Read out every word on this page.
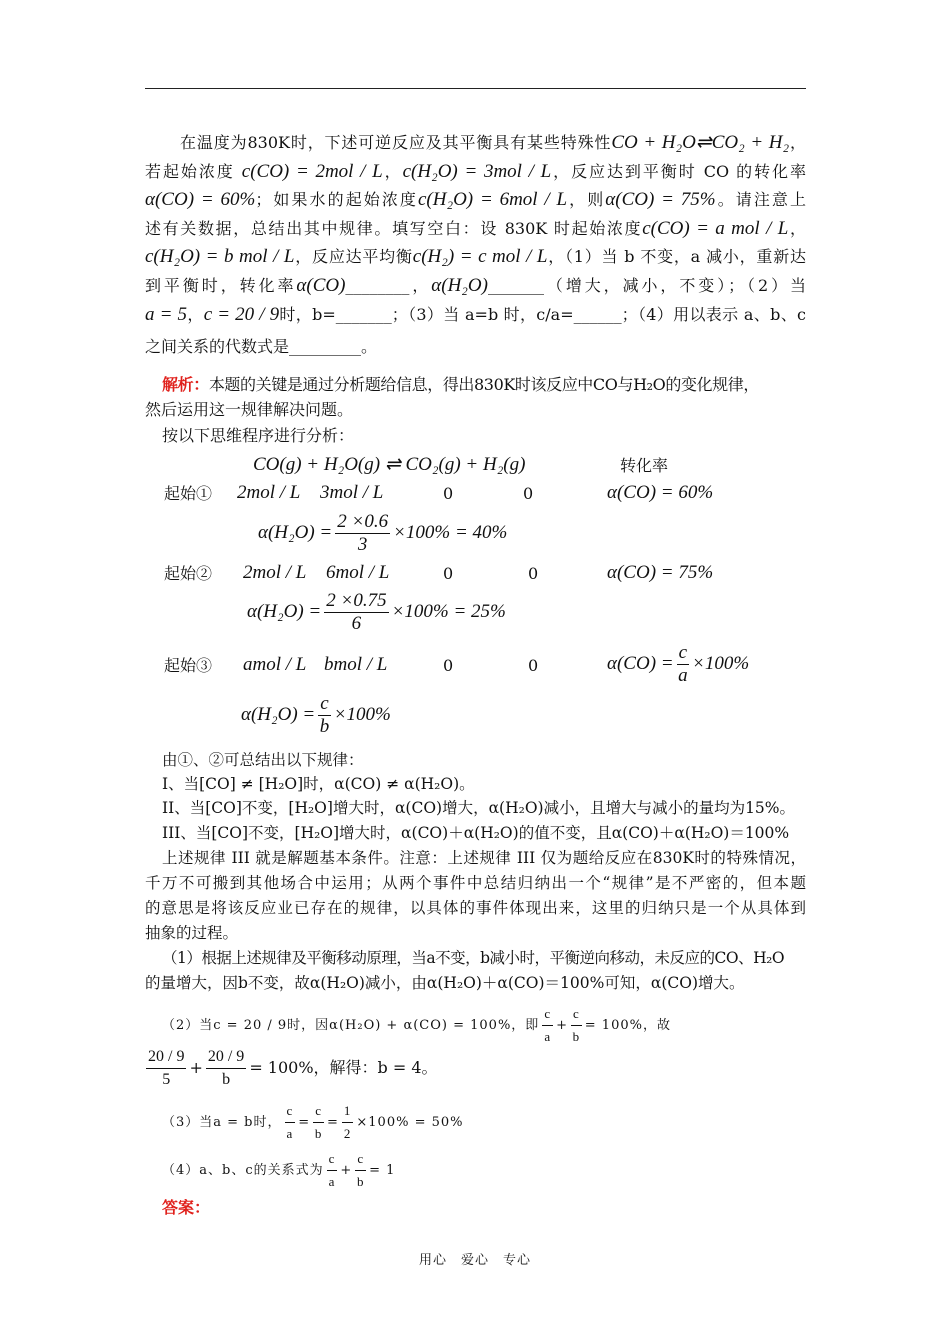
在温度为830K时，下述可逆反应及其平衡具有某些特殊性CO + H₂O⇌CO₂ + H₂，
若起始浓度 c(CO) = 2mol / L，c(H₂O) = 3mol / L，反应达到平衡时 CO 的转化率
α(CO) = 60%；如果水的起始浓度c(H₂O) = 6mol / L，则α(CO) = 75%。请注意上
述有关数据，总结出其中规律。填写空白：设 830K 时起始浓度c(CO) = a mol / L，
c(H₂O) = b mol / L，反应达平均衡c(H₂) = c mol / L，（1）当 b 不变，a 减小，重新达
到平衡时，转化率α(CO)________，α(H₂O)_______（增大，减小，不变）；（2）当
a = 5，c = 20 / 9时，b=_______；（3）当 a=b 时，c/a=______；（4）用以表示 a、b、c
之间关系的代数式是_________。
解析：本题的关键是通过分析题给信息，得出830K时该反应中CO与H₂O的变化规律，
然后运用这一规律解决问题。
按以下思维程序进行分析：
CO(g) + H₂O(g) ⇌ CO₂(g) + H₂(g)	转化率
起始① 2mol / L 3mol / L	0	0	α(CO) = 60%
$\alpha(H_2O) = \frac{2 \times 0.6}{3} \times 100\% = 40\%$
起始② 2mol / L 6mol / L	0	0	α(CO) = 75%
$\alpha(H_2O) = \frac{2 \times 0.75}{6} \times 100\% = 25\%$
起始③ amol / L bmol / L	0	0	$\alpha(CO) = \frac{c}{a} \times 100\%$
$\alpha(H_2O) = \frac{c}{b} \times 100\%$
由①、②可总结出以下规律：
I、当[CO] ≠ [H₂O]时，α(CO) ≠ α(H₂O)。
II、当[CO]不变，[H₂O]增大时，α(CO)增大，α(H₂O)减小，且增大与减小的量均为15%。
III、当[CO]不变，[H₂O]增大时，α(CO)＋α(H₂O)的值不变，且α(CO)＋α(H₂O)＝100%
上述规律 III 就是解题基本条件。注意：上述规律 III 仅为题给反应在830K时的特殊情况，
千万不可搬到其他场合中运用；从两个事件中总结归纳出一个“规律”是不严密的，但本题
的意思是将该反应业已存在的规律，以具体的事件体现出来，这里的归纳只是一个从具体到
抽象的过程。
（1）根据上述规律及平衡移动原理，当a不变，b减小时，平衡逆向移动，未反应的CO、H₂O
的量增大，因b不变，故α(H₂O)减小，由α(H₂O)＋α(CO)＝100%可知，α(CO)增大。
（2）当c = 20 / 9时，因α(H₂O) + α(CO) = 100%，即 $\frac{c}{a} + \frac{c}{b} = 100\%$，故
$\frac{20 / 9}{5} + \frac{20 / 9}{b} = 100\%$，解得：b = 4。
（3）当a = b时， $\frac{c}{a} = \frac{c}{b} = \frac{1}{2} \times 100\% = 50\%$
（4）a、b、c的关系式为 $\frac{c}{a} + \frac{c}{b} = 1$
答案：
用心　爱心　专心
